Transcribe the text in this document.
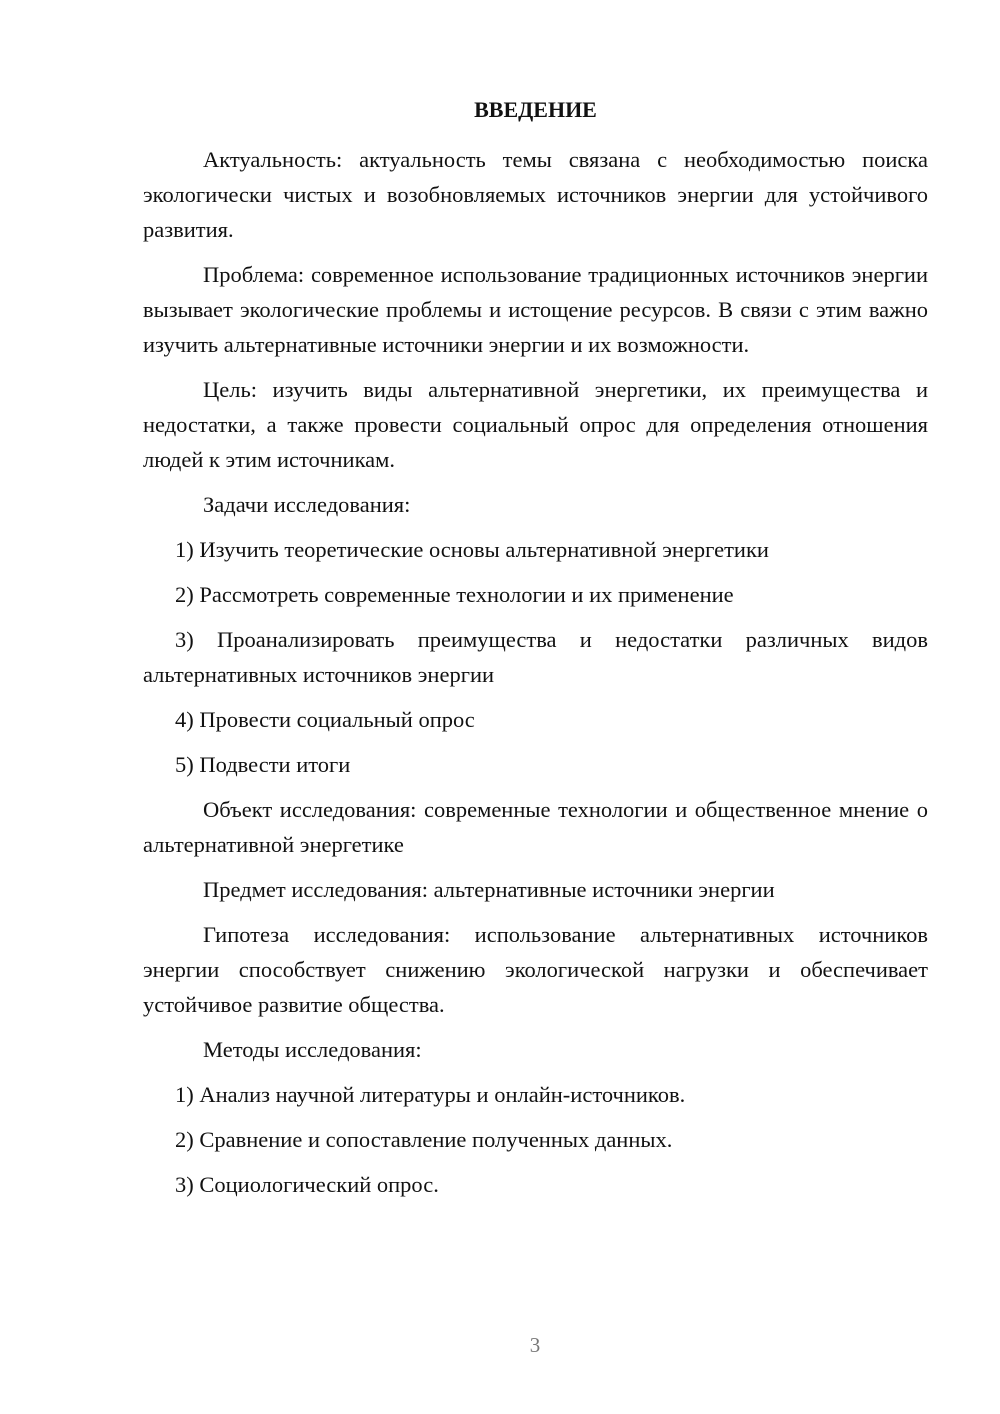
ВВЕДЕНИЕ

Актуальность: актуальность темы связана с необходимостью поиска экологически чистых и возобновляемых источников энергии для устойчивого развития.

Проблема: современное использование традиционных источников энергии вызывает экологические проблемы и истощение ресурсов. В связи с этим важно изучить альтернативные источники энергии и их возможности.

Цель: изучить виды альтернативной энергетики, их преимущества и недостатки, а также провести социальный опрос для определения отношения людей к этим источникам.

Задачи исследования:

1) Изучить теоретические основы альтернативной энергетики

2) Рассмотреть современные технологии и их применение

3) Проанализировать преимущества и недостатки различных видов альтернативных источников энергии

4) Провести социальный опрос

5) Подвести итоги

Объект исследования: современные технологии и общественное мнение о альтернативной энергетике

Предмет исследования: альтернативные источники энергии

Гипотеза исследования: использование альтернативных источников энергии способствует снижению экологической нагрузки и обеспечивает устойчивое развитие общества.

Методы исследования:

1) Анализ научной литературы и онлайн-источников.

2) Сравнение и сопоставление полученных данных.

3) Социологический опрос.

3
